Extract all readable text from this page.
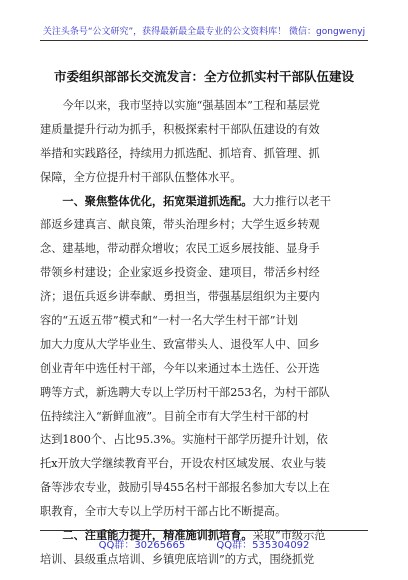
关注头条号“公文研究”，获得最新最全最专业的公文资料库！ 微信：gongwenyj
市委组织部部长交流发言：全方位抓实村干部队伍建设
今年以来，我市坚持以实施“强基固本”工程和基层党
建质量提升行动为抓手，积极探索村干部队伍建设的有效
举措和实践路径，持续用力抓选配、抓培育、抓管理、抓
保障，全方位提升村干部队伍整体水平。
一、聚焦整体优化，拓宽渠道抓选配。大力推行以老干
部返乡建真言、献良策，带头治理乡村；大学生返乡转观
念、建基地，带动群众增收；农民工返乡展技能、显身手
带领乡村建设；企业家返乡投资金、建项目，带活乡村经
济；退伍兵返乡讲奉献、勇担当，带强基层组织为主要内
容的“五返五带”模式和“一村一名大学生村干部”计划
加大力度从大学毕业生、致富带头人、退役军人中、回乡
创业青年中选任村干部，今年以来通过本土选任、公开选
聘等方式，新选聘大专以上学历村干部253名，为村干部队
伍持续注入“新鲜血液”。目前全市有大学生村干部的村
达到1800个、占比95.3%。实施村干部学历提升计划，依
托x开放大学继续教育平台，开设农村区域发展、农业与装
备等涉农专业，鼓励引导455名村干部报名参加大专以上在
职教育，全市大专以上学历村干部占比不断提高。
二、注重能力提升，精准施训抓培育。采取“市级示范
培训、县级重点培训、乡镇兜底培训”的方式，围绕抓党
QQ群：30265665	QQ群：535304092
